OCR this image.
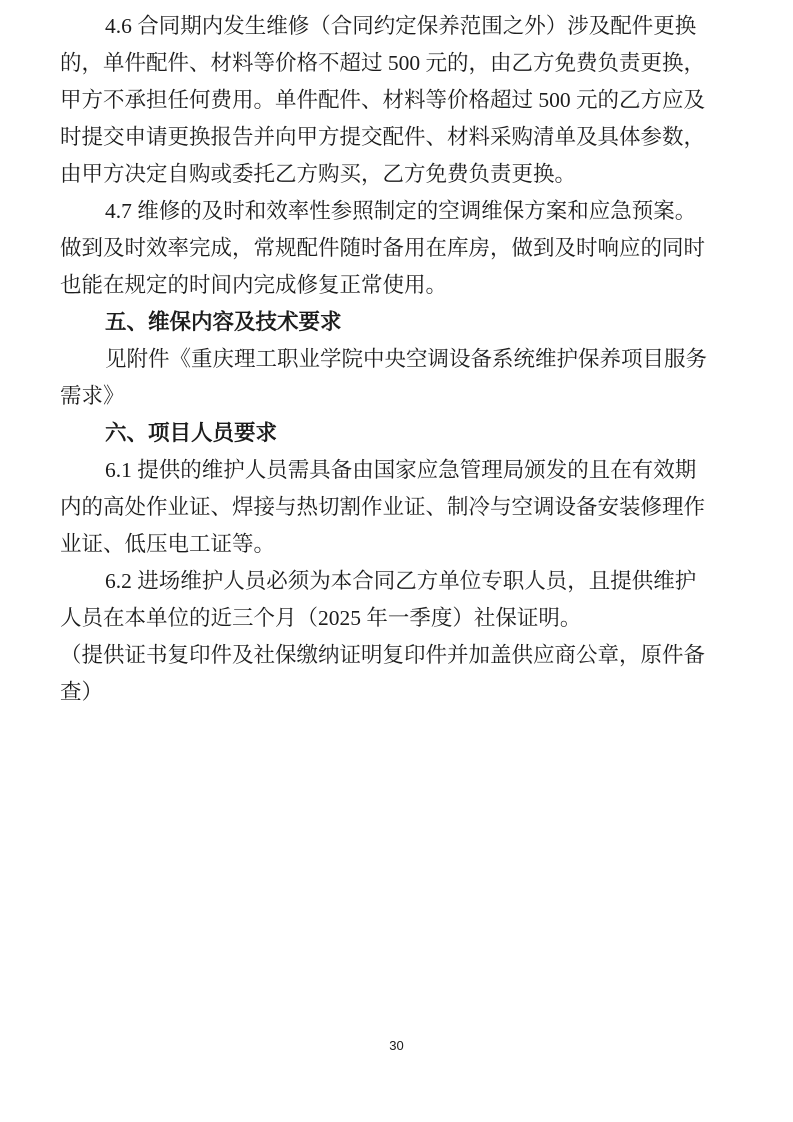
4.6 合同期内发生维修（合同约定保养范围之外）涉及配件更换
的，单件配件、材料等价格不超过 500 元的，由乙方免费负责更换，
甲方不承担任何费用。单件配件、材料等价格超过 500 元的乙方应及
时提交申请更换报告并向甲方提交配件、材料采购清单及具体参数，
由甲方决定自购或委托乙方购买，乙方免费负责更换。
4.7 维修的及时和效率性参照制定的空调维保方案和应急预案。
做到及时效率完成，常规配件随时备用在库房，做到及时响应的同时
也能在规定的时间内完成修复正常使用。
五、维保内容及技术要求
见附件《重庆理工职业学院中央空调设备系统维护保养项目服务
需求》
六、项目人员要求
6.1 提供的维护人员需具备由国家应急管理局颁发的且在有效期
内的高处作业证、焊接与热切割作业证、制冷与空调设备安装修理作
业证、低压电工证等。
6.2 进场维护人员必须为本合同乙方单位专职人员，且提供维护
人员在本单位的近三个月（2025 年一季度）社保证明。
（提供证书复印件及社保缴纳证明复印件并加盖供应商公章，原件备
查）
30
